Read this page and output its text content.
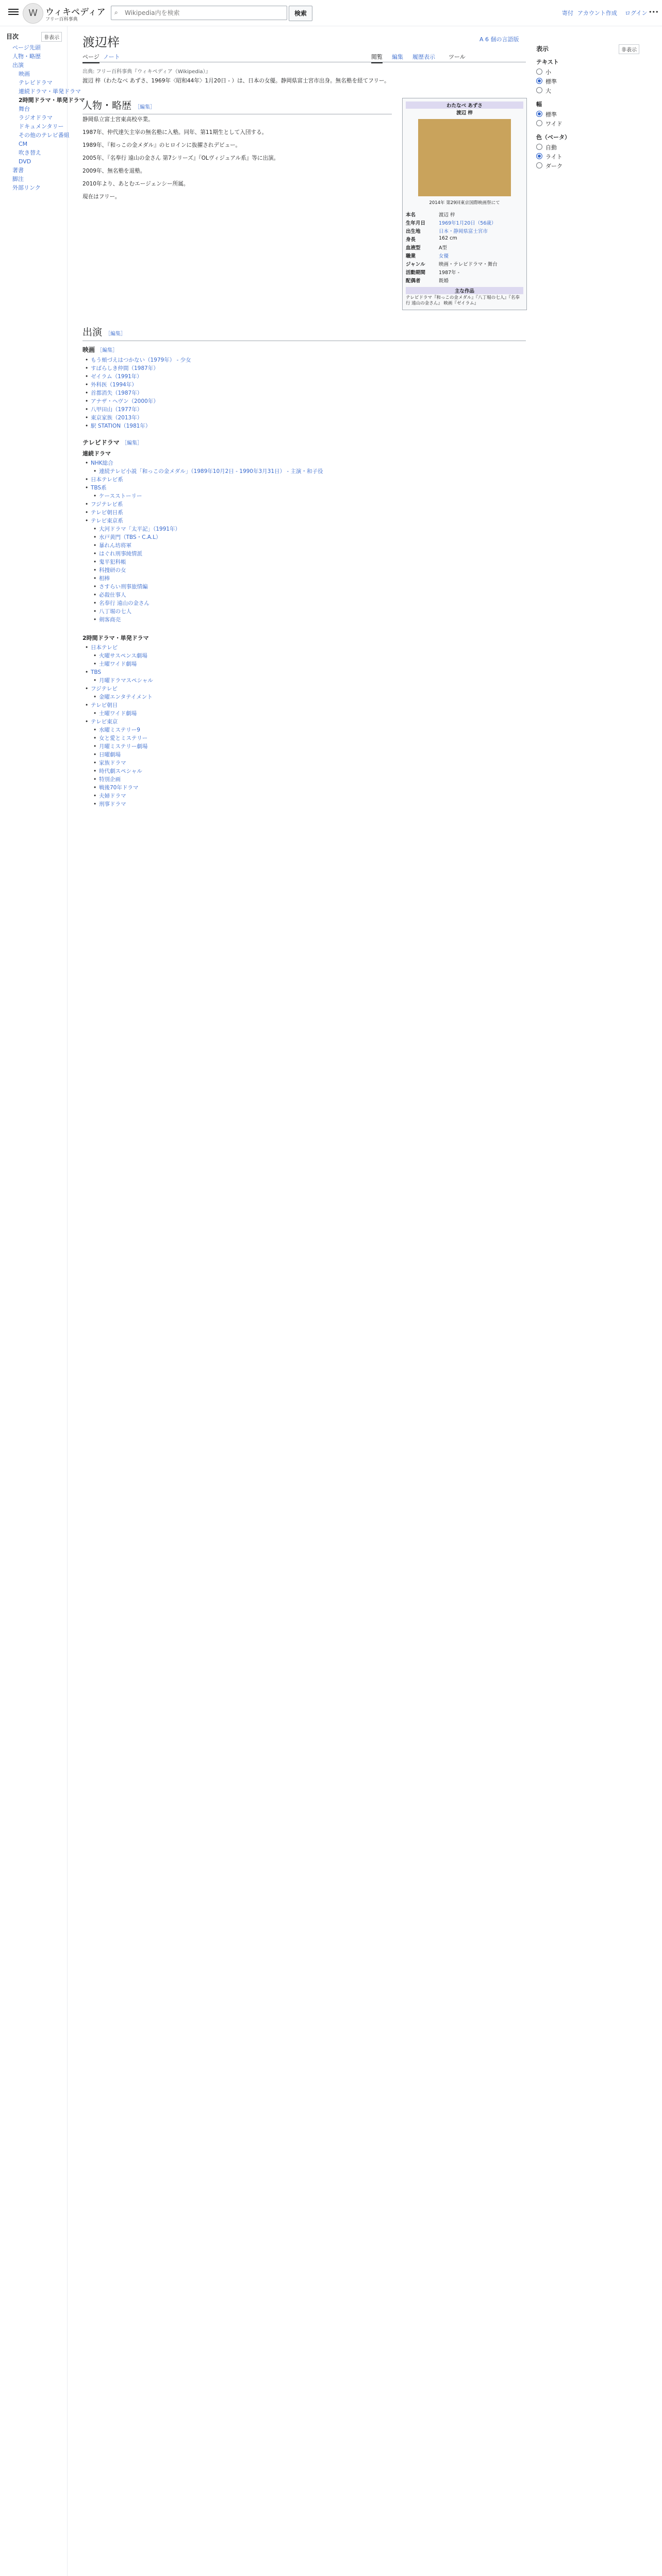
W ウィキペディア
フリー百科事典
⌕
Wikipedia内を検索	検索	寄付 アカウント作成 ログイン •••
目次	非表示
ページ先頭
人物・略歴
出演
映画
テレビドラマ
連続ドラマ・単発ドラマ
2時間ドラマ・単発ドラマ
舞台
ラジオドラマ
ドキュメンタリー
その他のテレビ番組
CM
吹き替え
DVD
著書
脚注
外部リンク
渡辺梓	A 6 個の言語版
ページ ノート	閲覧 編集 履歴表示 ツール
出典: フリー百科事典『ウィキペディア（Wikipedia）』
渡辺 梓（わたなべ あずさ、1969年〈昭和44年〉1月20日 - ）は、日本の女優。静岡県富士宮市出身。無名塾を経てフリー。
人物・略歴 ［編集］
静岡県立富士宮東高校卒業。
1987年、仲代達矢主宰の無名塾に入塾。同年、第11期生として入団する。
1989年、『和っこの金メダル』のヒロインに抜擢されデビュー。
2005年、『名奉行 遠山の金さん 第7シリーズ』『OLヴィジュアル系』等に出演。
2009年、無名塾を退塾。
2010年より、あとむエージェンシー所属。
現在はフリー。
わたなべ あずさ
渡辺 梓
2014年 第29回東京国際映画祭にて
本名	渡辺 梓
生年月日	1969年1月20日（56歳）
出生地	日本・静岡県富士宮市
身長	162 cm
血液型	A型
職業	女優
ジャンル	映画・テレビドラマ・舞台
活動期間	1987年 -
配偶者	既婚
主な作品
テレビドラマ『和っこの金メダル』『八丁堀の七人』『名奉行 遠山の金さん』 映画『ゼイラム』
出演 ［編集］
映画 ［編集］
• もう頬づえはつかない（1979年） - 少女
• すばらしき仲間（1987年）
• ゼイラム（1991年）
• 外科医（1994年）
• 首都消失（1987年）
• アナザ・ヘヴン（2000年）
• 八甲田山（1977年）
• 東京家族（2013年）
• 駅 STATION（1981年）
テレビドラマ ［編集］
連続ドラマ
• NHK総合
• 連続テレビ小説「和っこの金メダル」（1989年10月2日 - 1990年3月31日） - 主演・和子役
• 日本テレビ系
• TBS系
• ケースストーリー
• フジテレビ系
• テレビ朝日系
• テレビ東京系
• 大河ドラマ「太平記」（1991年）
• 水戸黄門（TBS・C.A.L）
• 暴れん坊将軍
• はぐれ刑事純情派
• 鬼平犯科帳
• 科捜研の女
• 相棒
• さすらい刑事旅情編
• 必殺仕事人
• 名奉行 遠山の金さん
• 八丁堀の七人
• 剣客商売
2時間ドラマ・単発ドラマ
• 日本テレビ
• 火曜サスペンス劇場
• 土曜ワイド劇場
• TBS
• 月曜ドラマスペシャル
• フジテレビ
• 金曜エンタテイメント
• テレビ朝日
• 土曜ワイド劇場
• テレビ東京
• 水曜ミステリー9
• 女と愛とミステリー
• 月曜ミステリー劇場
• 日曜劇場
• 家族ドラマ
• 時代劇スペシャル
• 特別企画
• 戦後70年ドラマ
• 夫婦ドラマ
• 刑事ドラマ
表示	非表示
テキスト
小
標準
大
幅
標準
ワイド
色（ベータ）
自動
ライト
ダーク
